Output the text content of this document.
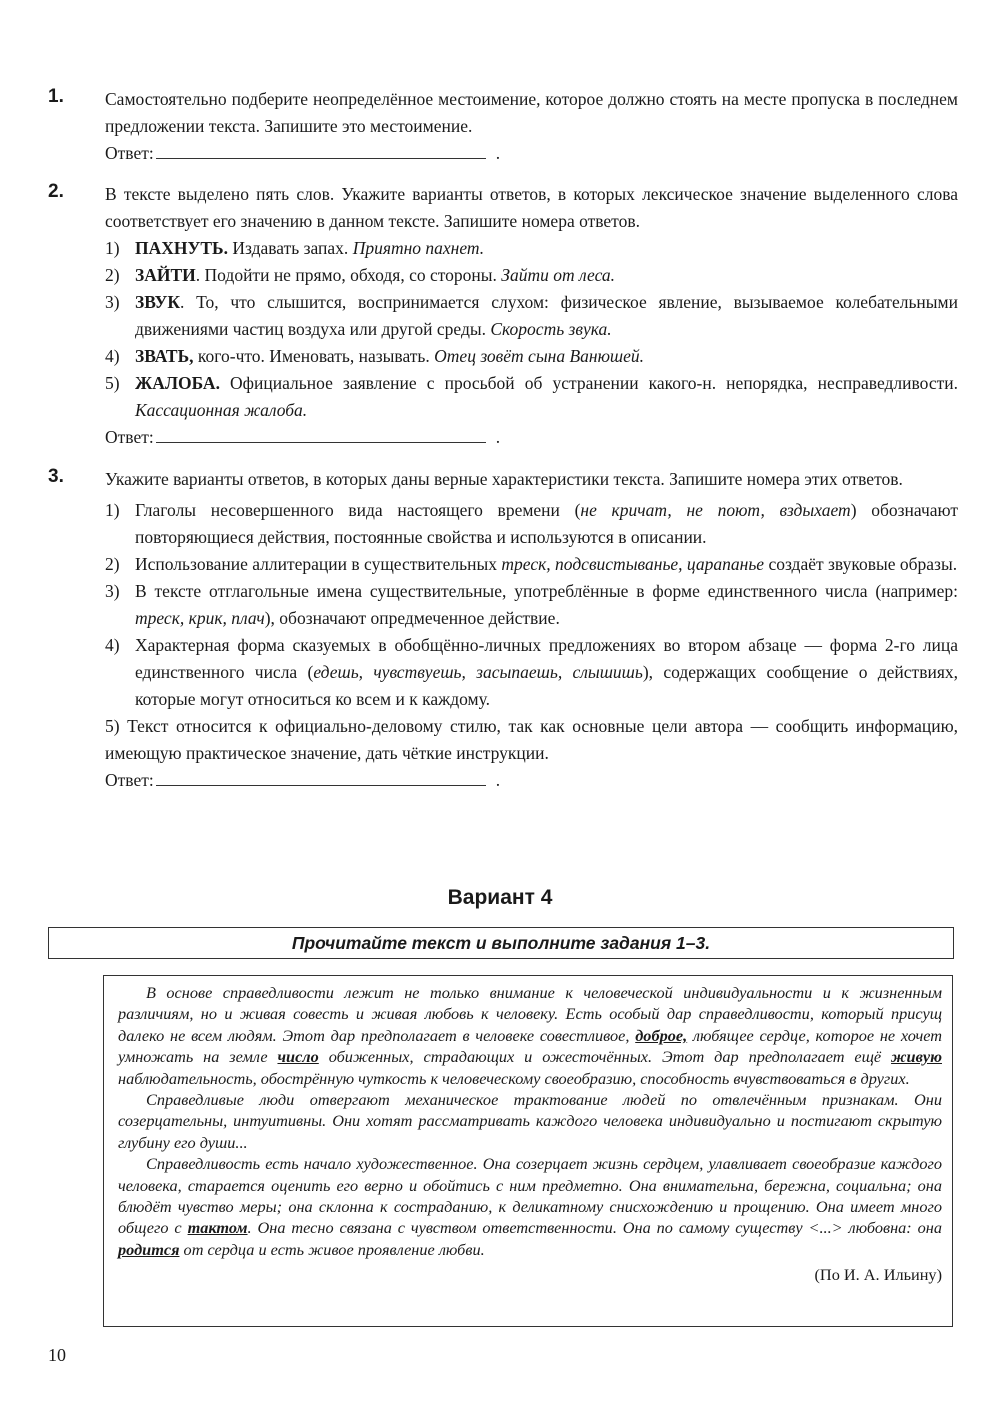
1. Самостоятельно подберите неопределённое местоимение, которое должно стоять на месте пропуска в последнем предложении текста. Запишите это местоимение.

Ответ:	.
2. В тексте выделено пять слов. Укажите варианты ответов, в которых лексическое значение выделенного слова соответствует его значению в данном тексте. Запишите номера ответов.

1) ПАХНУТЬ. Издавать запах. Приятно пахнет.
2) ЗАЙТИ. Подойти не прямо, обходя, со стороны. Зайти от леса.
3) ЗВУК. То, что слышится, воспринимается слухом: физическое явление, вызываемое колебательными движениями частиц воздуха или другой среды. Скорость звука.
4) ЗВАТЬ, кого-что. Именовать, называть. Отец зовёт сына Ванюшей.
5) ЖАЛОБА. Официальное заявление с просьбой об устранении какого-н. непорядка, несправедливости. Кассационная жалоба.
Ответ:	.
3. Укажите варианты ответов, в которых даны верные характеристики текста. Запишите номера этих ответов.

1) Глаголы несовершенного вида настоящего времени (не кричат, не поют, вздыхает) обозначают повторяющиеся действия, постоянные свойства и используются в описании.
2) Использование аллитерации в существительных треск, подсвистыванье, царапанье создаёт звуковые образы.
3) В тексте отглагольные имена существительные, употреблённые в форме единственного числа (например: треск, крик, плач), обозначают опредмеченное действие.
4) Характерная форма сказуемых в обобщённо-личных предложениях во втором абзаце — форма 2-го лица единственного числа (едешь, чувствуешь, засыпаешь, слышишь), содержащих сообщение о действиях, которые могут относиться ко всем и к каждому.
5) Текст относится к официально-деловому стилю, так как основные цели автора — сообщить информацию, имеющую практическое значение, дать чёткие инструкции.
Ответ:	.
Вариант 4
Прочитайте текст и выполните задания 1–3.

В основе справедливости лежит не только внимание к человеческой индивидуальности и к жизненным различиям, но и живая совесть и живая любовь к человеку. Есть особый дар справедливости, который присущ далеко не всем людям. Этот дар предполагает в человеке совестливое, доброе, любящее сердце, которое не хочет умножать на земле число обиженных, страдающих и ожесточённых. Этот дар предполагает ещё живую наблюдательность, обострённую чуткость к человеческому своеобразию, способность вчувствоваться в других.

Справедливые люди отвергают механическое трактование людей по отвлечённым признакам. Они созерцательны, интуитивны. Они хотят рассматривать каждого человека индивидуально и постигают скрытую глубину его души...

Справедливость есть начало художественное. Она созерцает жизнь сердцем, улавливает своеобразие каждого человека, старается оценить его верно и обойтись с ним предметно. Она внимательна, бережна, социальна; она блюдёт чувство меры; она склонна к состраданию, к деликатному снисхождению и прощению. Она имеет много общего с тактом. Она тесно связана с чувством ответственности. Она по самому существу <...> любовна: она родится от сердца и есть живое проявление любви.

(По И. А. Ильину)
10
